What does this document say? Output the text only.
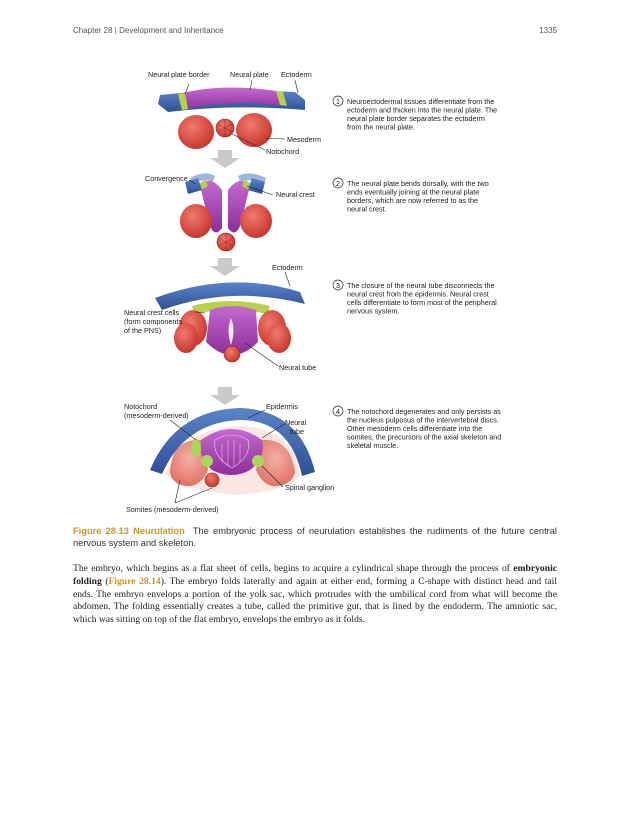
Chapter 28 | Development and Inheritance	1335
Neural plate border	Neural plate Ectoderm
Mesoderm
Notochord
Convergence
Neural crest
Ectoderm
Neural crest cells
(form components
of the PNS)
Neural tube
Notochord
(mesoderm-derived)
Epidermis
Neural
tube
Spinal ganglion
Somites (mesoderm-derived)
1 Neuroectodermal tissues differentiate from the
ectoderm and thicken into the neural plate. The
neural plate border separates the ectoderm
from the neural plate.
2 The neural plate bends dorsally, with the two
ends eventually joining at the neural plate
borders, which are now referred to as the
neural crest.
3 The closure of the neural tube disconnects the
neural crest from the epidermis. Neural crest
cells differentiate to form most of the peripheral
nervous system.
4 The notochord degenerates and only persists as
the nucleus pulposus of the intervertebral discs.
Other mesoderm cells differentiate into the
somites, the precursors of the axial skeleton and
skeletal muscle.
Figure 28.13 Neurulation The embryonic process of neurulation establishes the rudiments of the future central nervous system and skeleton.
The embryo, which begins as a flat sheet of cells, begins to acquire a cylindrical shape through the process of embryonic folding (Figure 28.14). The embryo folds laterally and again at either end, forming a C-shape with distinct head and tail ends. The embryo envelops a portion of the yolk sac, which protrudes with the umbilical cord from what will become the abdomen. The folding essentially creates a tube, called the primitive gut, that is lined by the endoderm. The amniotic sac, which was sitting on top of the flat embryo, envelops the embryo as it folds.
